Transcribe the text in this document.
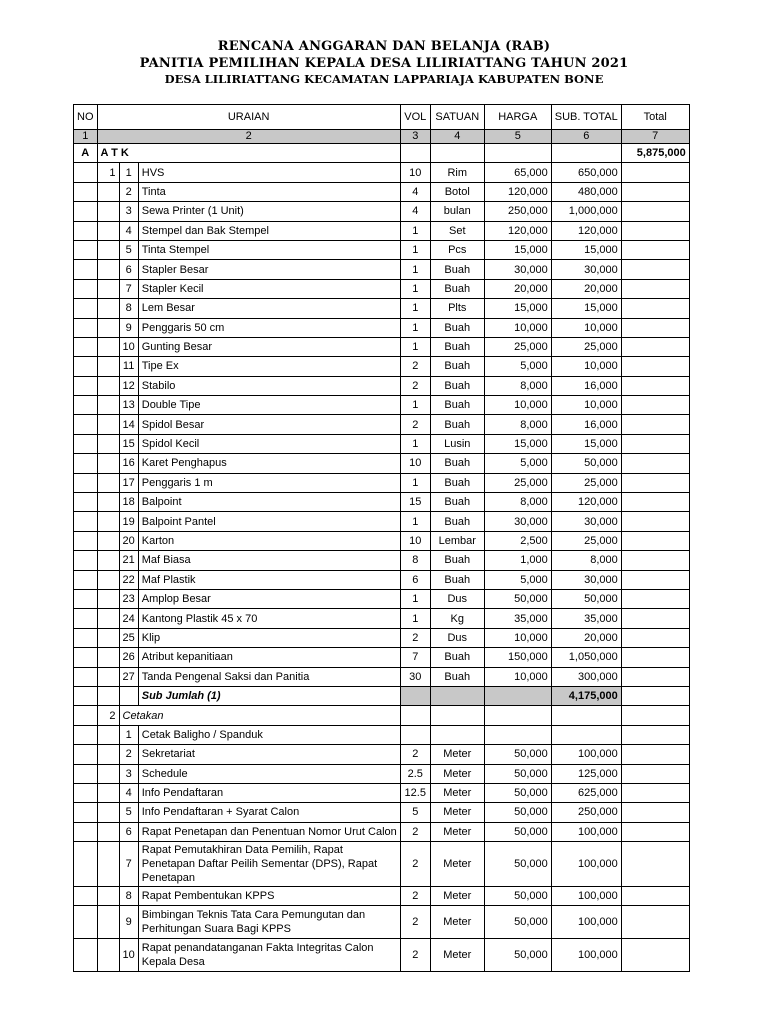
RENCANA ANGGARAN DAN BELANJA (RAB)
PANITIA PEMILIHAN KEPALA DESA LILIRIATTANG TAHUN 2021
DESA LILIRIATTANG KECAMATAN LAPPARIAJA KABUPATEN BONE
NO	URAIAN			VOL	SATUAN	HARGA	SUB. TOTAL	Total
1	2			3	4	5	6	7
A	A T K							5,875,000
	1	1	HVS	10	Rim	65,000	650,000	
		2	Tinta	4	Botol	120,000	480,000	
		3	Sewa Printer (1 Unit)	4	bulan	250,000	1,000,000	
		4	Stempel dan Bak Stempel	1	Set	120,000	120,000	
		5	Tinta Stempel	1	Pcs	15,000	15,000	
		6	Stapler Besar	1	Buah	30,000	30,000	
		7	Stapler Kecil	1	Buah	20,000	20,000	
		8	Lem Besar	1	Plts	15,000	15,000	
		9	Penggaris 50 cm	1	Buah	10,000	10,000	
		10	Gunting Besar	1	Buah	25,000	25,000	
		11	Tipe Ex	2	Buah	5,000	10,000	
		12	Stabilo	2	Buah	8,000	16,000	
		13	Double Tipe	1	Buah	10,000	10,000	
		14	Spidol Besar	2	Buah	8,000	16,000	
		15	Spidol Kecil	1	Lusin	15,000	15,000	
		16	Karet Penghapus	10	Buah	5,000	50,000	
		17	Penggaris 1 m	1	Buah	25,000	25,000	
		18	Balpoint	15	Buah	8,000	120,000	
		19	Balpoint Pantel	1	Buah	30,000	30,000	
		20	Karton	10	Lembar	2,500	25,000	
		21	Maf Biasa	8	Buah	1,000	8,000	
		22	Maf Plastik	6	Buah	5,000	30,000	
		23	Amplop Besar	1	Dus	50,000	50,000	
		24	Kantong Plastik 45 x 70	1	Kg	35,000	35,000	
		25	Klip	2	Dus	10,000	20,000	
		26	Atribut kepanitiaan	7	Buah	150,000	1,050,000	
		27	Tanda Pengenal Saksi dan Panitia	30	Buah	10,000	300,000	
			Sub Jumlah (1)				4,175,000	
	2	Cetakan						
		1	Cetak Baligho / Spanduk					
		2	Sekretariat	2	Meter	50,000	100,000	
		3	Schedule	2.5	Meter	50,000	125,000	
		4	Info Pendaftaran	12.5	Meter	50,000	625,000	
		5	Info Pendaftaran + Syarat Calon	5	Meter	50,000	250,000	
		6	Rapat Penetapan dan Penentuan Nomor Urut Calon	2	Meter	50,000	100,000	
		7	Rapat Pemutakhiran Data Pemilih, Rapat Penetapan Daftar Peilih Sementar (DPS), Rapat Penetapan	2	Meter	50,000	100,000	
		8	Rapat Pembentukan KPPS	2	Meter	50,000	100,000	
		9	Bimbingan Teknis Tata Cara Pemungutan dan Perhitungan Suara Bagi KPPS	2	Meter	50,000	100,000	
		10	Rapat penandatanganan Fakta Integritas Calon Kepala Desa	2	Meter	50,000	100,000	
